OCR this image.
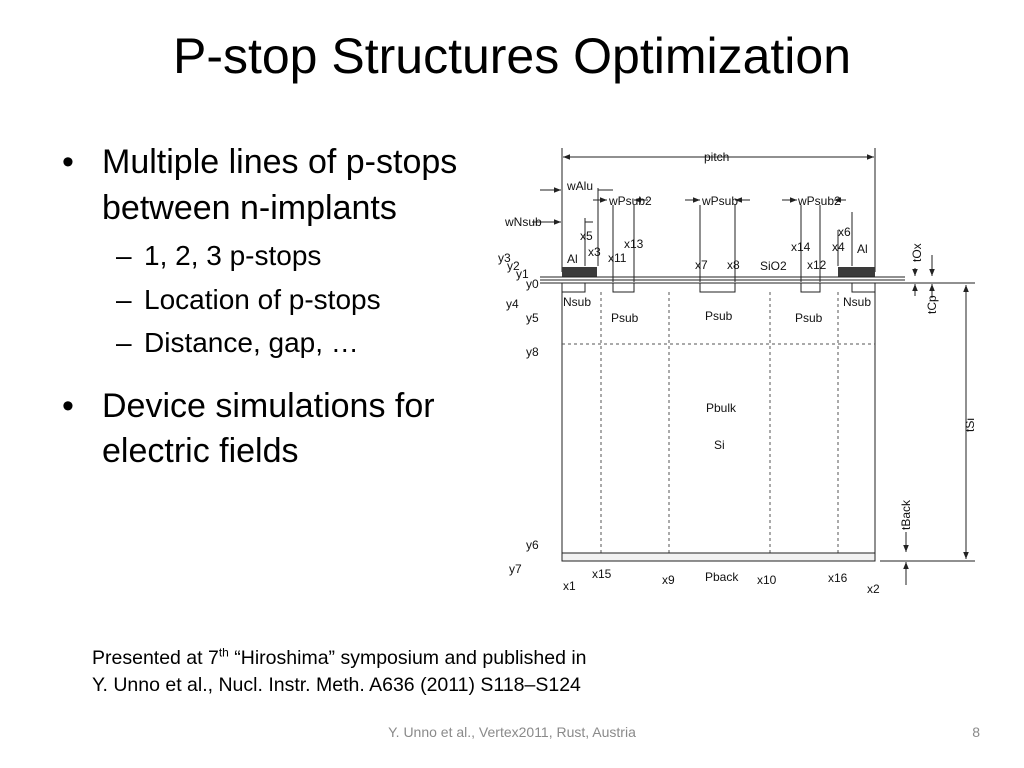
P-stop Structures Optimization
• Multiple lines of p-stops between n-implants
– 1, 2, 3 p-stops
– Location of p-stops
– Distance, gap, …
• Device simulations for electric fields
pitch
wAlu
wNsub
wPsub2	wPsub	wPsub2
x5
x3 x11
x13
x7 x8
x14
x12
x6
x4
Al
Al
SiO2
y3
y2
y1
y0
y4
y5
y8
y6
y7
Nsub	Nsub
Psub	Psub	Psub
Pbulk
Si
x1
x15	x9	Pback x10	x16
x2
tOx
tCp
tSi
tBack
Presented at 7th “Hiroshima” symposium and published in
Y. Unno et al., Nucl. Instr. Meth. A636 (2011) S118–S124
Y. Unno et al., Vertex2011, Rust, Austria	8
